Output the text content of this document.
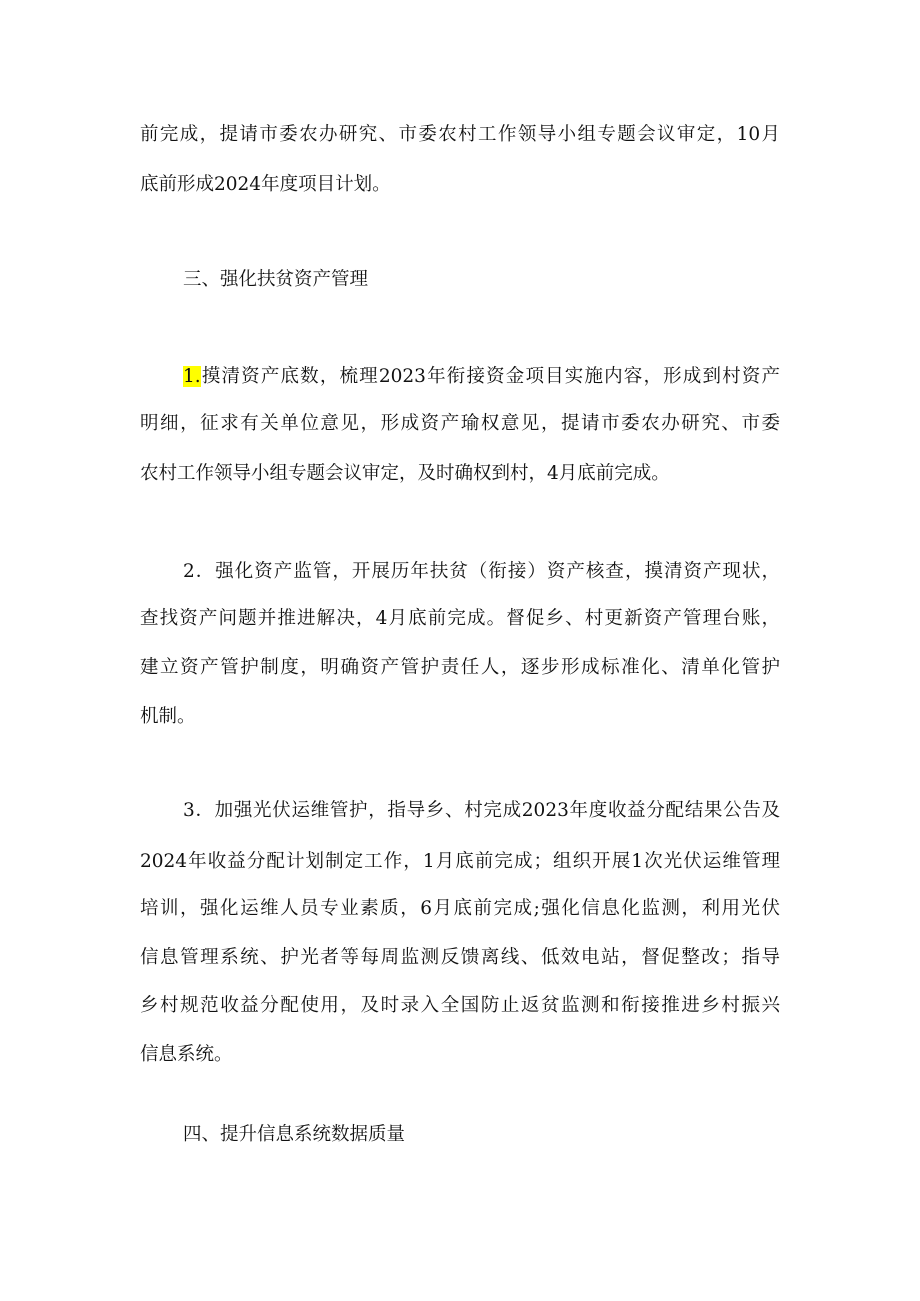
前完成，提请市委农办研究、市委农村工作领导小组专题会议审定，10月

底前形成2024年度项目计划。

三、强化扶贫资产管理

1.摸清资产底数，梳理2023年衔接资金项目实施内容，形成到村资产

明细，征求有关单位意见，形成资产瑜权意见，提请市委农办研究、市委

农村工作领导小组专题会议审定，及时确权到村，4月底前完成。

2．强化资产监管，开展历年扶贫（衔接）资产核查，摸清资产现状，

查找资产问题并推进解决，4月底前完成。督促乡、村更新资产管理台账，

建立资产管护制度，明确资产管护责任人，逐步形成标准化、清单化管护

机制。

3．加强光伏运维管护，指导乡、村完成2023年度收益分配结果公告及

2024年收益分配计划制定工作，1月底前完成；组织开展1次光伏运维管理

培训，强化运维人员专业素质，6月底前完成;强化信息化监测，利用光伏

信息管理系统、护光者等每周监测反馈离线、低效电站，督促整改；指导

乡村规范收益分配使用，及时录入全国防止返贫监测和衔接推进乡村振兴

信息系统。

四、提升信息系统数据质量
